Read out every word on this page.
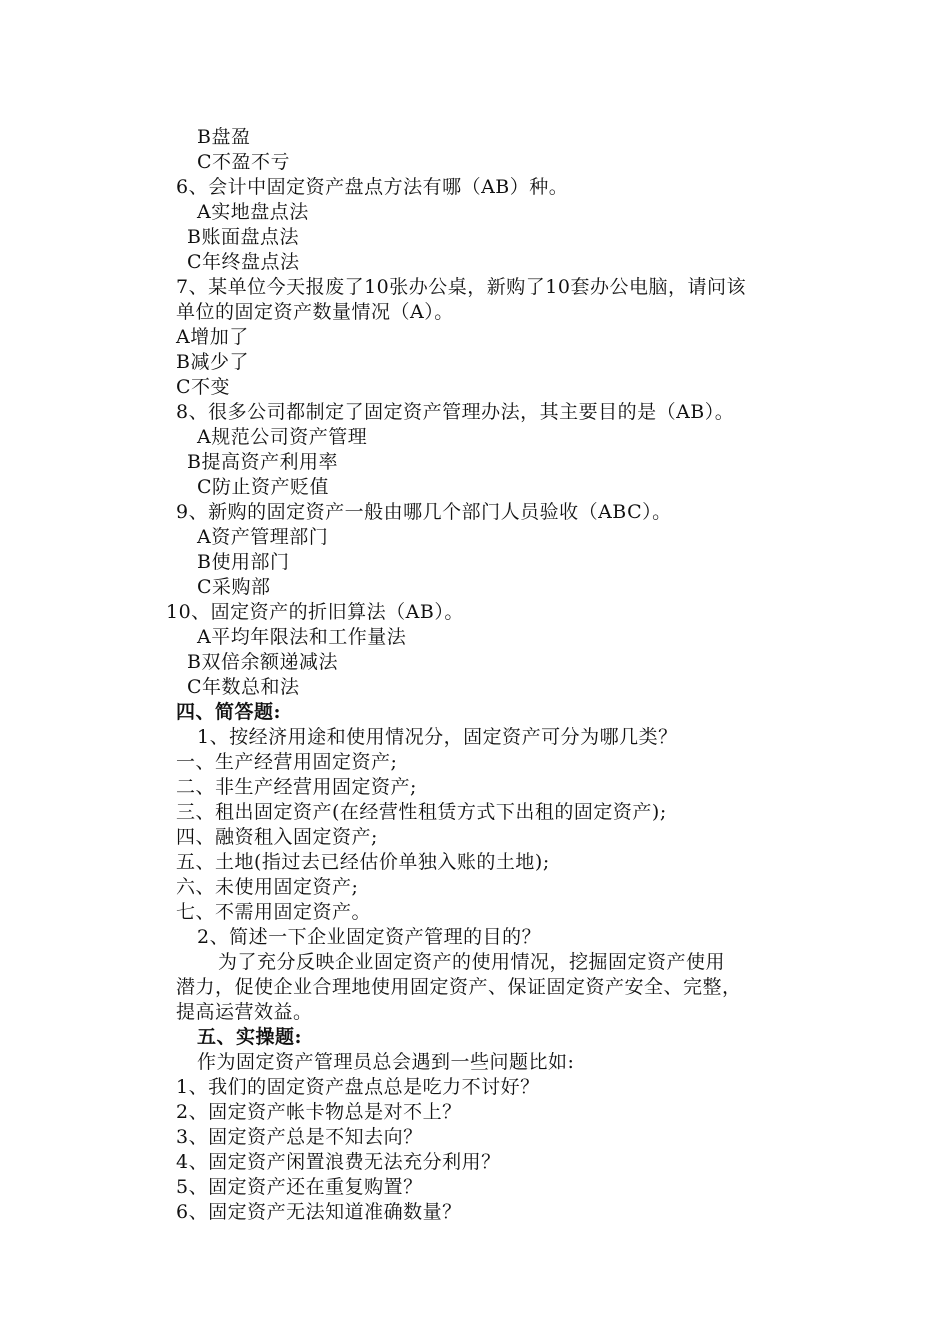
B盘盈
C不盈不亏
6、会计中固定资产盘点方法有哪（AB）种。
A实地盘点法
B账面盘点法
C年终盘点法
7、某单位今天报废了10张办公桌，新购了10套办公电脑，请问该
单位的固定资产数量情况（A）。
A增加了
B减少了
C不变
8、很多公司都制定了固定资产管理办法，其主要目的是（AB）。
A规范公司资产管理
B提高资产利用率
C防止资产贬值
9、新购的固定资产一般由哪几个部门人员验收（ABC）。
A资产管理部门
B使用部门
C采购部
10、固定资产的折旧算法（AB）。
A平均年限法和工作量法
B双倍余额递减法
C年数总和法
四、简答题:
1、按经济用途和使用情况分，固定资产可分为哪几类？
一、生产经营用固定资产;
二、非生产经营用固定资产;
三、租出固定资产(在经营性租赁方式下出租的固定资产);
四、融资租入固定资产;
五、土地(指过去已经估价单独入账的土地);
六、未使用固定资产;
七、不需用固定资产。
2、简述一下企业固定资产管理的目的？
为了充分反映企业固定资产的使用情况，挖掘固定资产使用
潜力，促使企业合理地使用固定资产、保证固定资产安全、完整，
提高运营效益。
五、实操题:
作为固定资产管理员总会遇到一些问题比如:
1、我们的固定资产盘点总是吃力不讨好？
2、固定资产帐卡物总是对不上？
3、固定资产总是不知去向？
4、固定资产闲置浪费无法充分利用？
5、固定资产还在重复购置？
6、固定资产无法知道准确数量？
